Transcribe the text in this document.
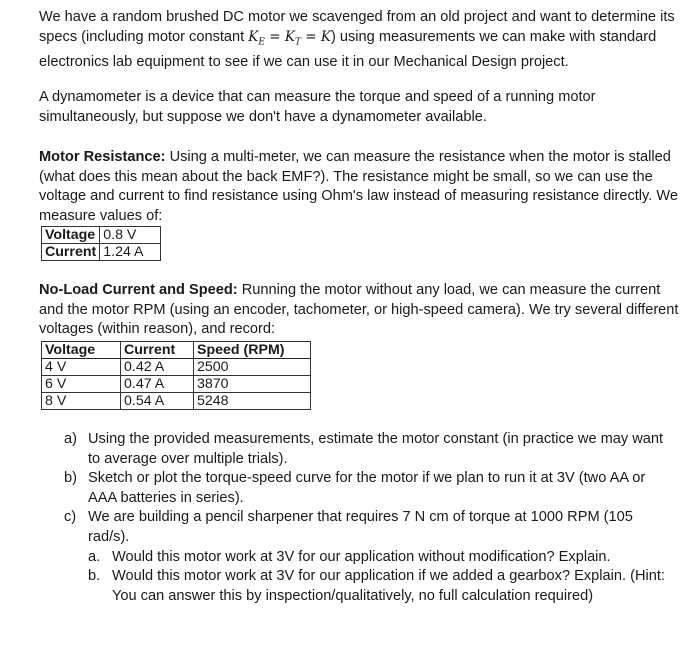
We have a random brushed DC motor we scavenged from an old project and want to determine its specs (including motor constant $K_E = K_T = K$) using measurements we can make with standard electronics lab equipment to see if we can use it in our Mechanical Design project.

A dynamometer is a device that can measure the torque and speed of a running motor simultaneously, but suppose we don't have a dynamometer available.

Motor Resistance: Using a multi-meter, we can measure the resistance when the motor is stalled (what does this mean about the back EMF?). The resistance might be small, so we can use the voltage and current to find resistance using Ohm's law instead of measuring resistance directly. We measure values of:

Voltage	0.8 V
Current	1.24 A

No-Load Current and Speed: Running the motor without any load, we can measure the current and the motor RPM (using an encoder, tachometer, or high-speed camera). We try several different voltages (within reason), and record:

Voltage	Current	Speed (RPM)
4 V	0.42 A	2500
6 V	0.47 A	3870
8 V	0.54 A	5248
a) Using the provided measurements, estimate the motor constant (in practice we may want to average over multiple trials).
b) Sketch or plot the torque-speed curve for the motor if we plan to run it at 3V (two AA or AAA batteries in series).
c) We are building a pencil sharpener that requires 7 N cm of torque at 1000 RPM (105 rad/s).
a. Would this motor work at 3V for our application without modification? Explain.
b. Would this motor work at 3V for our application if we added a gearbox? Explain. (Hint: You can answer this by inspection/qualitatively, no full calculation required)
